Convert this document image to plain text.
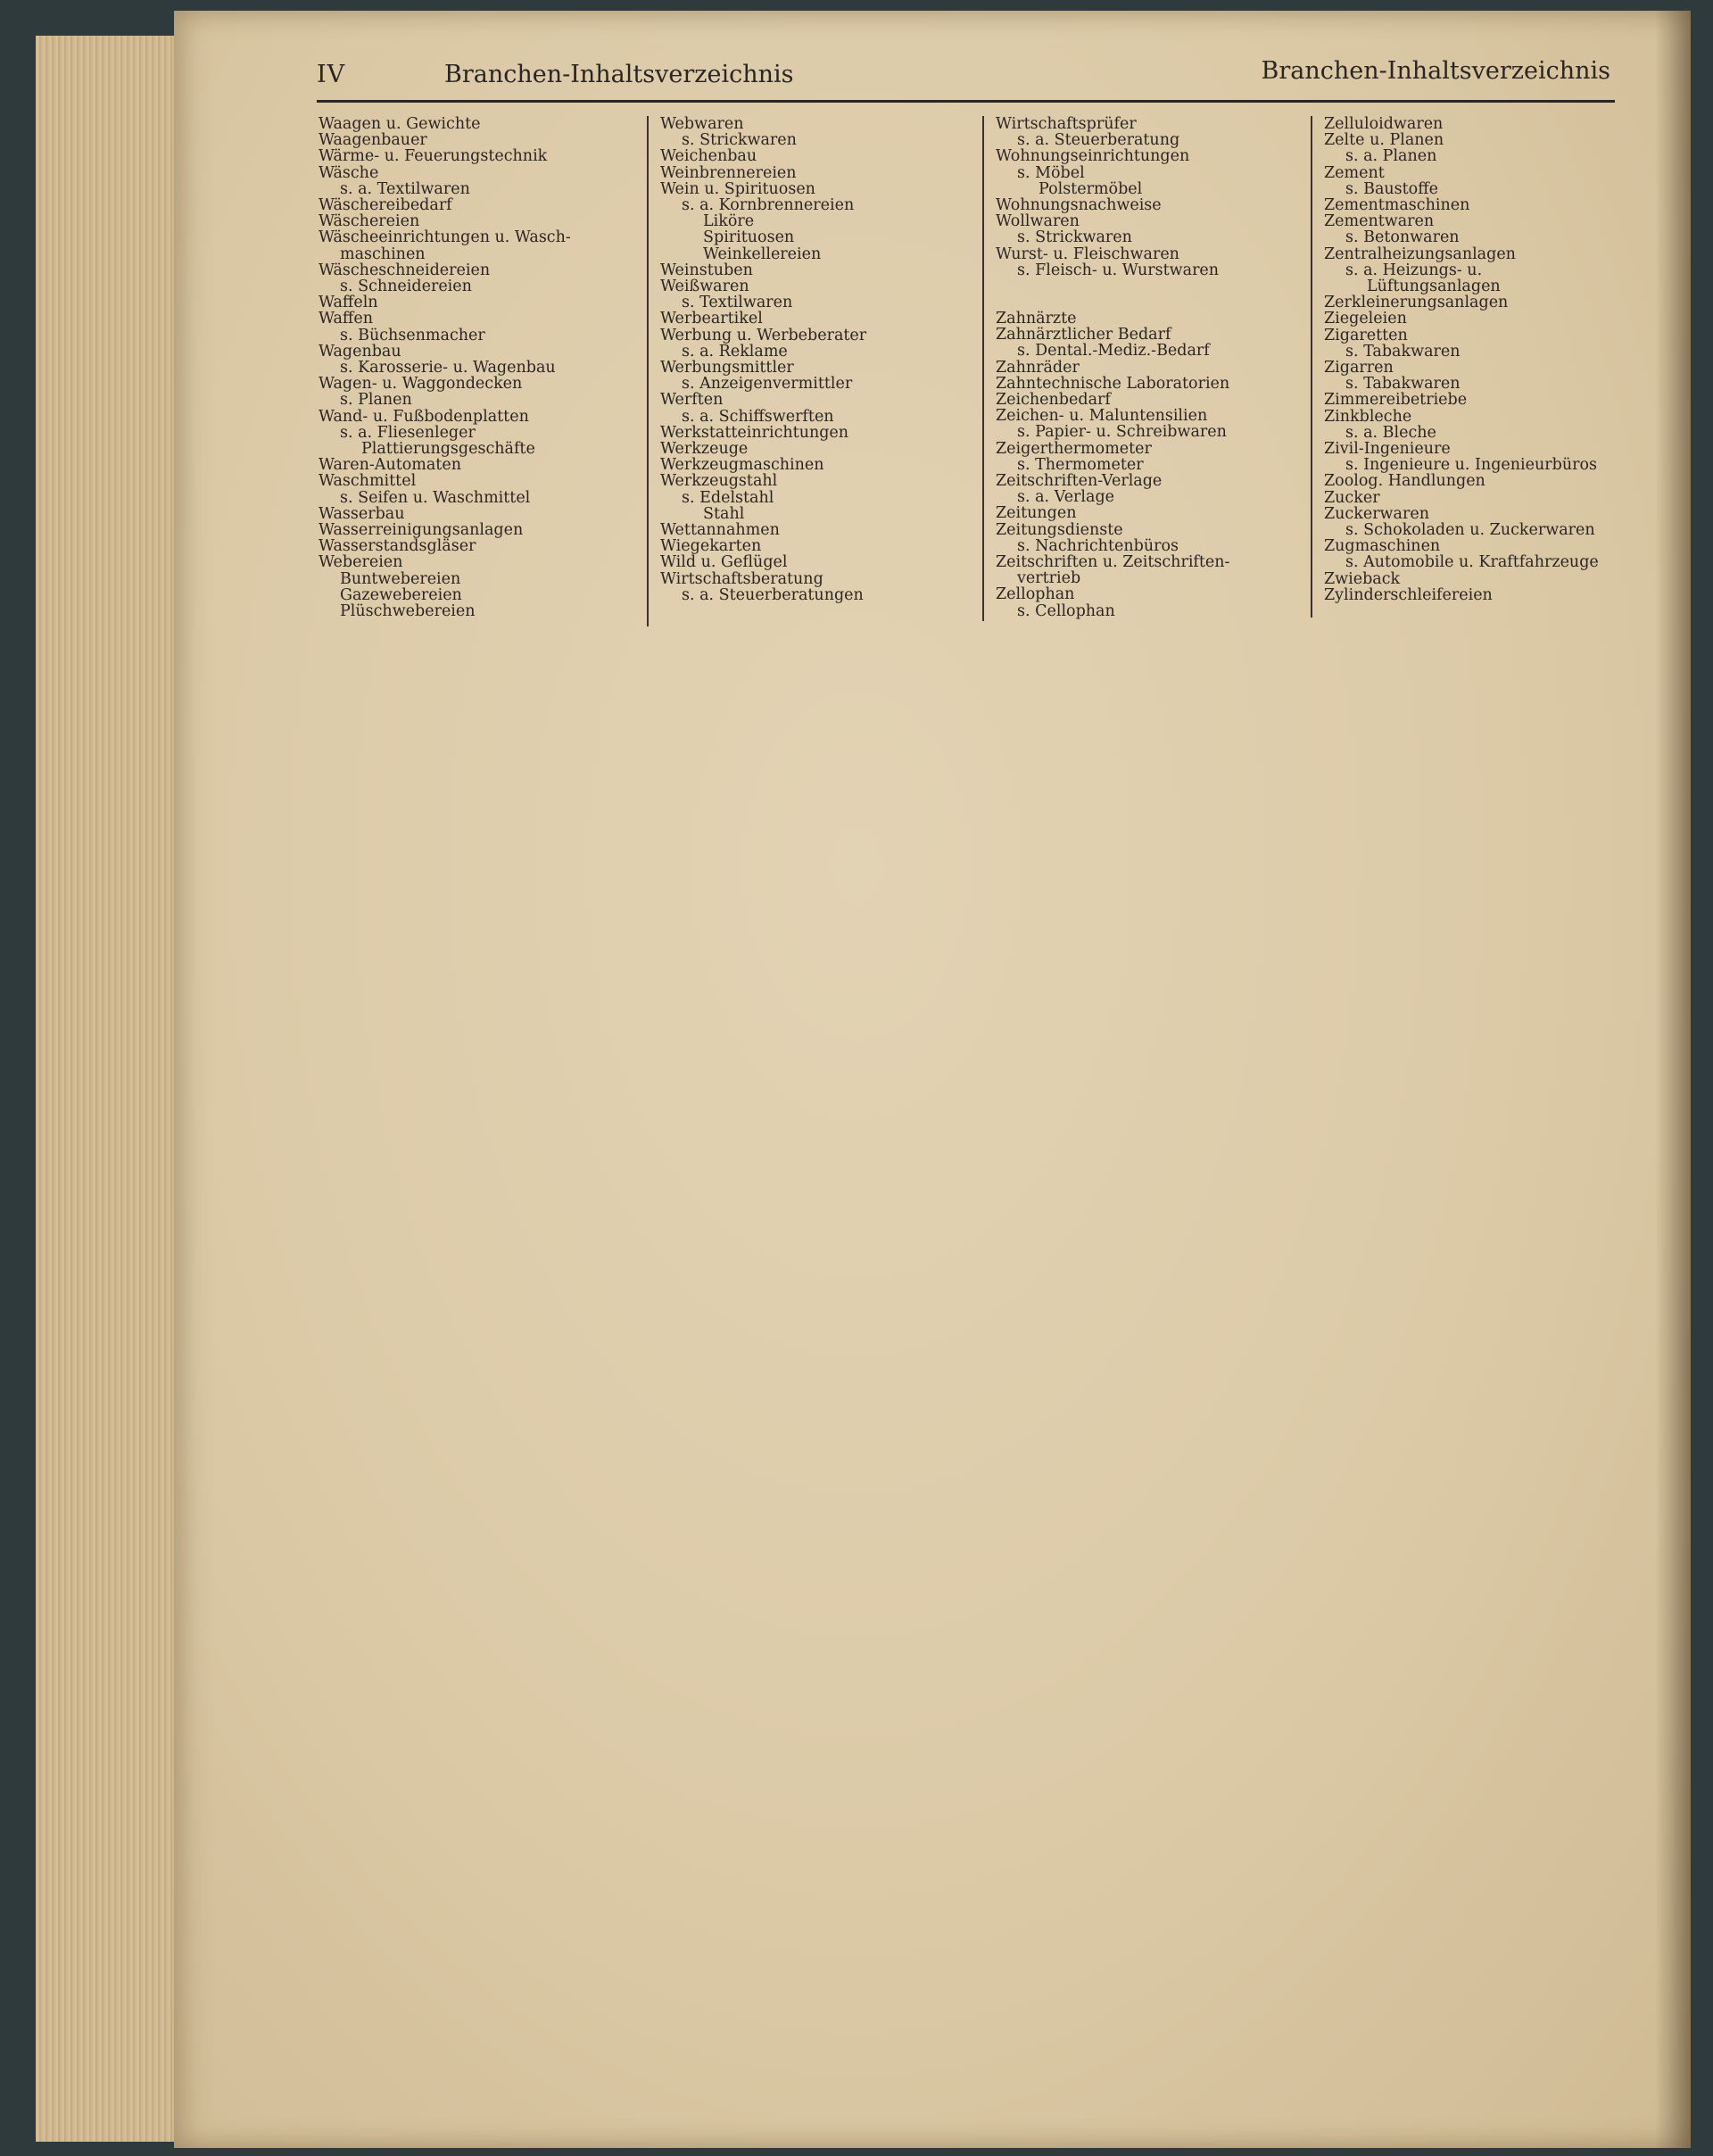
IV	Branchen-Inhaltsverzeichnis	Branchen-Inhaltsverzeichnis
Waagen u. Gewichte
Waagenbauer
Wärme- u. Feuerungstechnik
Wäsche
s. a. Textilwaren
Wäschereibedarf
Wäschereien
Wäscheeinrichtungen u. Wasch-
maschinen
Wäscheschneidereien
s. Schneidereien
Waffeln
Waffen
s. Büchsenmacher
Wagenbau
s. Karosserie- u. Wagenbau
Wagen- u. Waggondecken
s. Planen
Wand- u. Fußbodenplatten
s. a. Fliesenleger
Plattierungsgeschäfte
Waren-Automaten
Waschmittel
s. Seifen u. Waschmittel
Wasserbau
Wasserreinigungsanlagen
Wasserstandsgläser
Webereien
Buntwebereien
Gazewebereien
Plüschwebereien
Webwaren
s. Strickwaren
Weichenbau
Weinbrennereien
Wein u. Spirituosen
s. a. Kornbrennereien
Liköre
Spirituosen
Weinkellereien
Weinstuben
Weißwaren
s. Textilwaren
Werbeartikel
Werbung u. Werbeberater
s. a. Reklame
Werbungsmittler
s. Anzeigenvermittler
Werften
s. a. Schiffswerften
Werkstatteinrichtungen
Werkzeuge
Werkzeugmaschinen
Werkzeugstahl
s. Edelstahl
Stahl
Wettannahmen
Wiegekarten
Wild u. Geflügel
Wirtschaftsberatung
s. a. Steuerberatungen
Wirtschaftsprüfer
s. a. Steuerberatung
Wohnungseinrichtungen
s. Möbel
Polstermöbel
Wohnungsnachweise
Wollwaren
s. Strickwaren
Wurst- u. Fleischwaren
s. Fleisch- u. Wurstwaren
Zahnärzte
Zahnärztlicher Bedarf
s. Dental.-Mediz.-Bedarf
Zahnräder
Zahntechnische Laboratorien
Zeichenbedarf
Zeichen- u. Maluntensilien
s. Papier- u. Schreibwaren
Zeigerthermometer
s. Thermometer
Zeitschriften-Verlage
s. a. Verlage
Zeitungen
Zeitungsdienste
s. Nachrichtenbüros
Zeitschriften u. Zeitschriften-
vertrieb
Zellophan
s. Cellophan
Zelluloidwaren
Zelte u. Planen
s. a. Planen
Zement
s. Baustoffe
Zementmaschinen
Zementwaren
s. Betonwaren
Zentralheizungsanlagen
s. a. Heizungs- u.
Lüftungsanlagen
Zerkleinerungsanlagen
Ziegeleien
Zigaretten
s. Tabakwaren
Zigarren
s. Tabakwaren
Zimmereibetriebe
Zinkbleche
s. a. Bleche
Zivil-Ingenieure
s. Ingenieure u. Ingenieurbüros
Zoolog. Handlungen
Zucker
Zuckerwaren
s. Schokoladen u. Zuckerwaren
Zugmaschinen
s. Automobile u. Kraftfahrzeuge
Zwieback
Zylinderschleifereien
